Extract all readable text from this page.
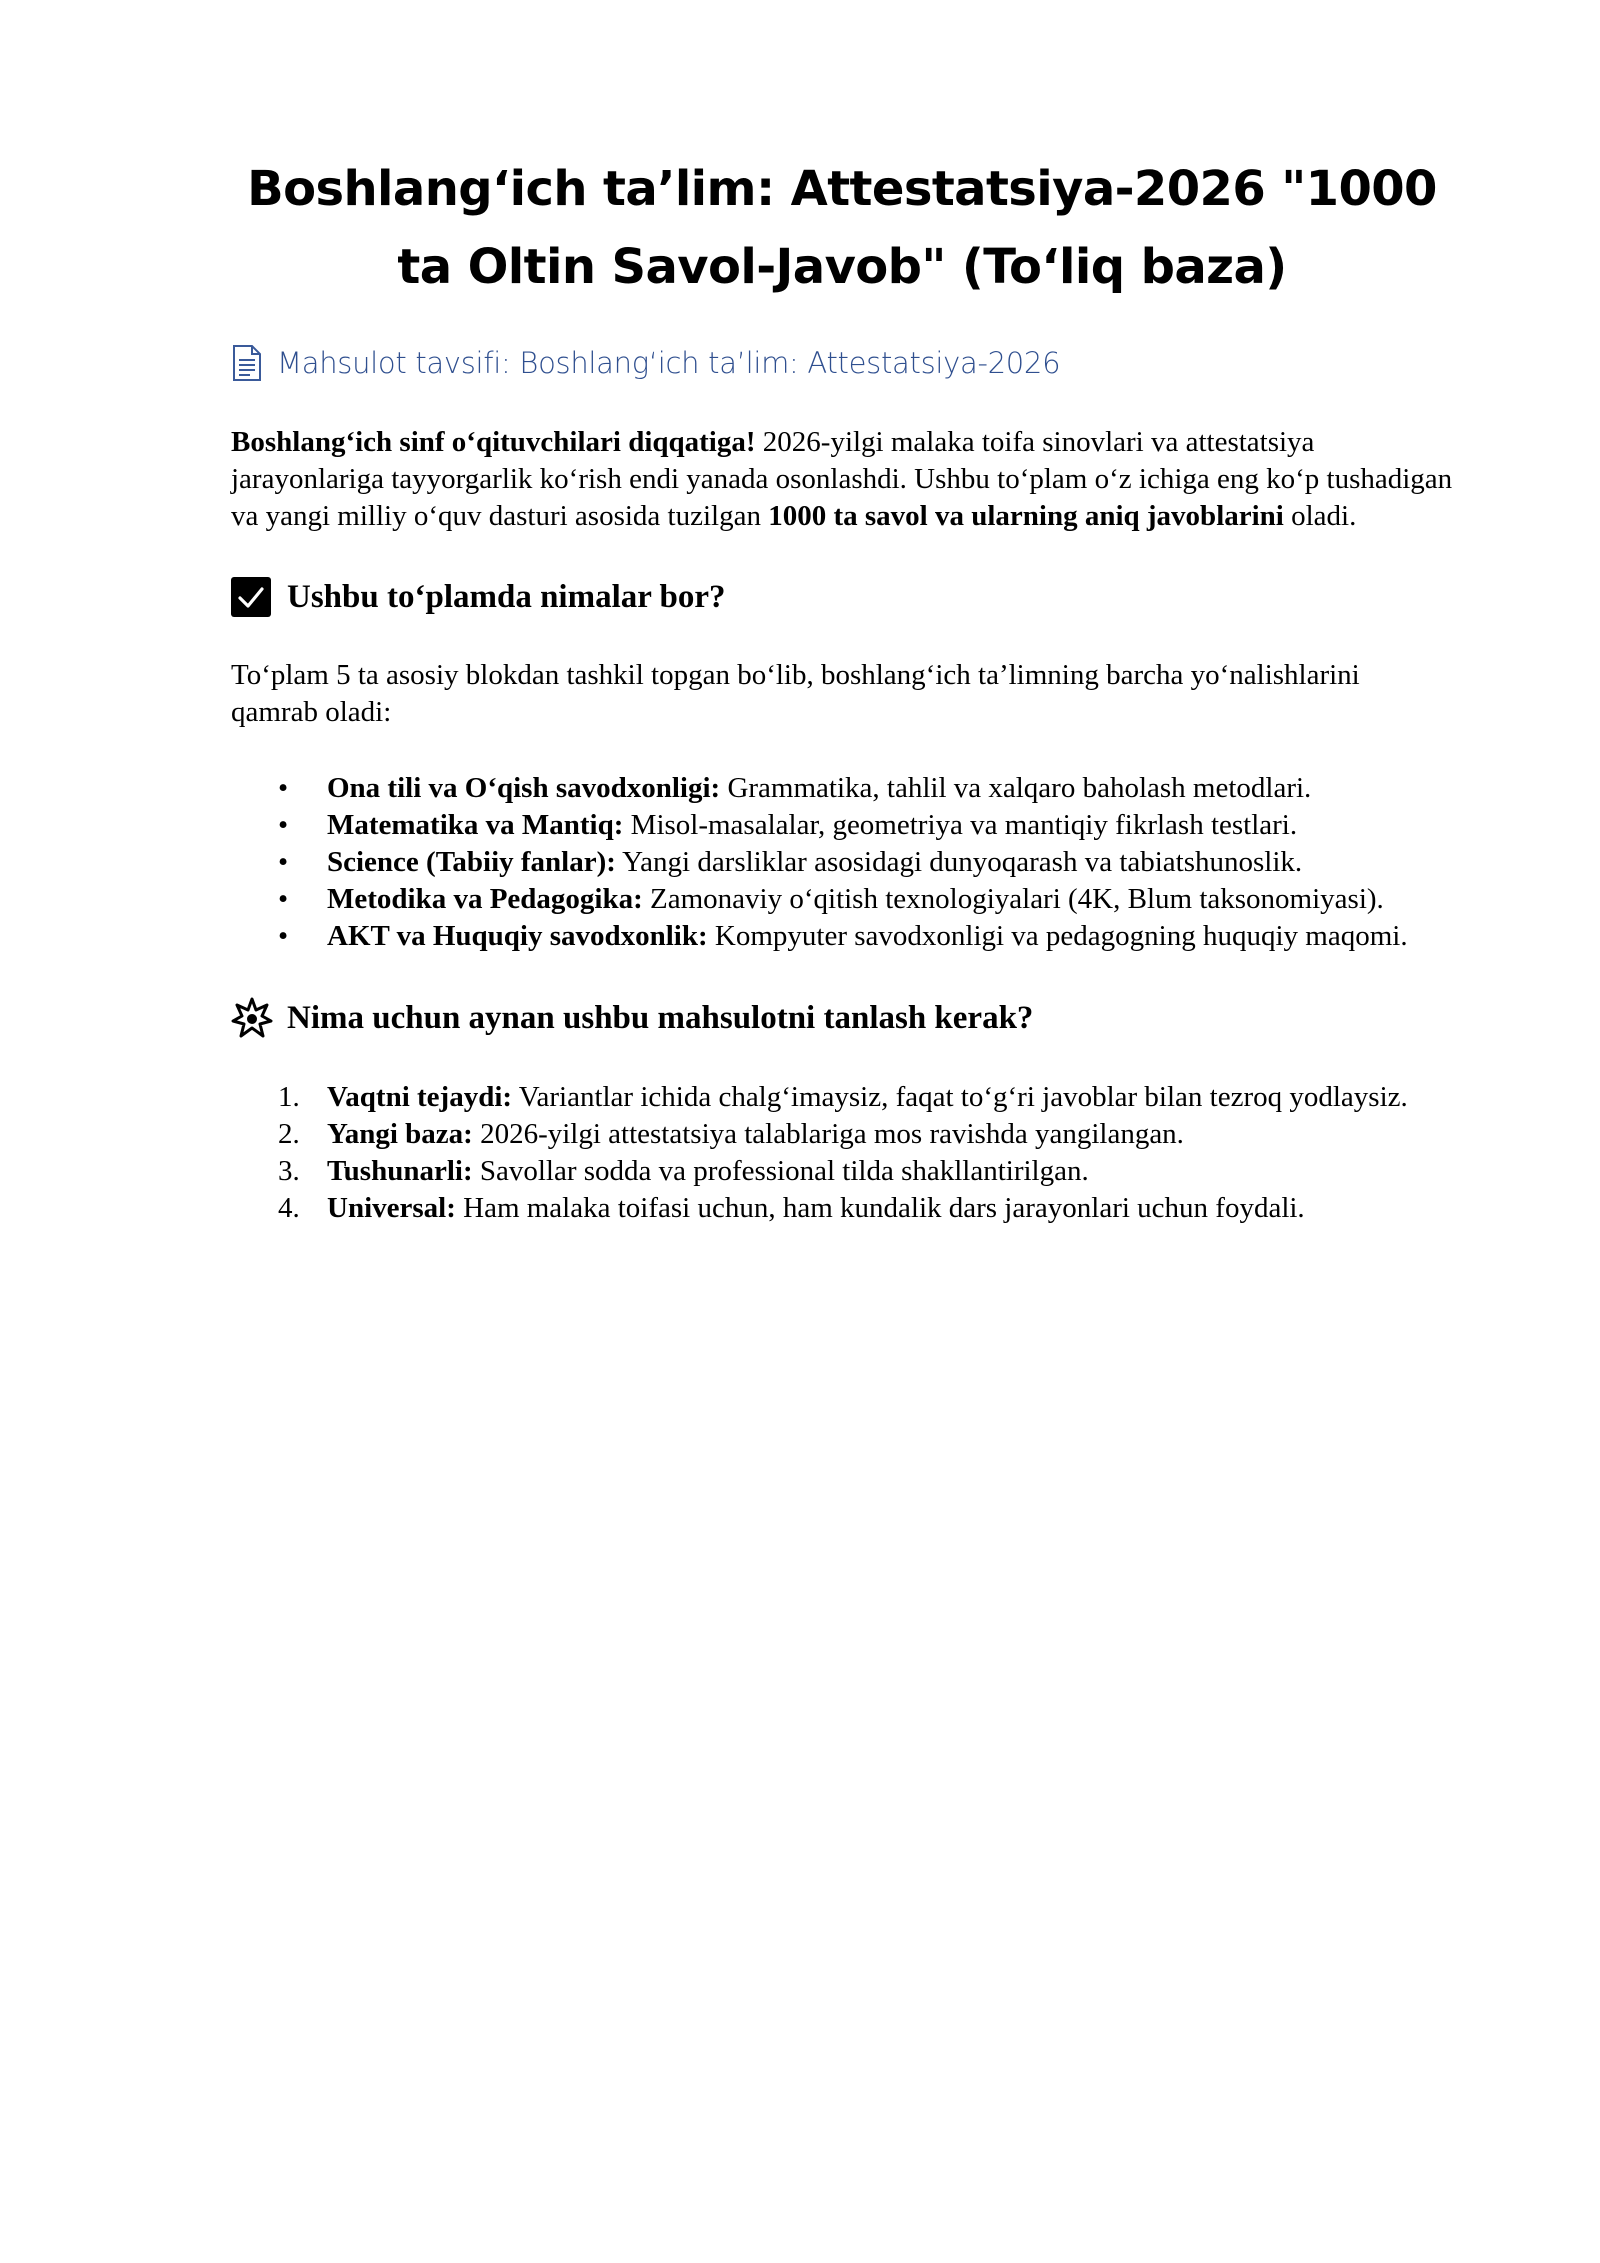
Boshlang‘ich ta’lim: Attestatsiya-2026 "1000 ta Oltin Savol-Javob" (To‘liq baza)
Mahsulot tavsifi: Boshlang‘ich ta’lim: Attestatsiya-2026

Boshlang‘ich sinf o‘qituvchilari diqqatiga! 2026-yilgi malaka toifa sinovlari va attestatsiya jarayonlariga tayyorgarlik ko‘rish endi yanada osonlashdi. Ushbu to‘plam o‘z ichiga eng ko‘p tushadigan va yangi milliy o‘quv dasturi asosida tuzilgan 1000 ta savol va ularning aniq javoblarini oladi.

Ushbu to‘plamda nimalar bor?

To‘plam 5 ta asosiy blokdan tashkil topgan bo‘lib, boshlang‘ich ta’limning barcha yo‘nalishlarini qamrab oladi:

• Ona tili va O‘qish savodxonligi: Grammatika, tahlil va xalqaro baholash metodlari.
• Matematika va Mantiq: Misol-masalalar, geometriya va mantiqiy fikrlash testlari.
• Science (Tabiiy fanlar): Yangi darsliklar asosidagi dunyoqarash va tabiatshunoslik.
• Metodika va Pedagogika: Zamonaviy o‘qitish texnologiyalari (4K, Blum taksonomiyasi).
• AKT va Huquqiy savodxonlik: Kompyuter savodxonligi va pedagogning huquqiy maqomi.
Nima uchun aynan ushbu mahsulotni tanlash kerak?
1. Vaqtni tejaydi: Variantlar ichida chalg‘imaysiz, faqat to‘g‘ri javoblar bilan tezroq yodlaysiz.
2. Yangi baza: 2026-yilgi attestatsiya talablariga mos ravishda yangilangan.
3. Tushunarli: Savollar sodda va professional tilda shakllantirilgan.
4. Universal: Ham malaka toifasi uchun, ham kundalik dars jarayonlari uchun foydali.
